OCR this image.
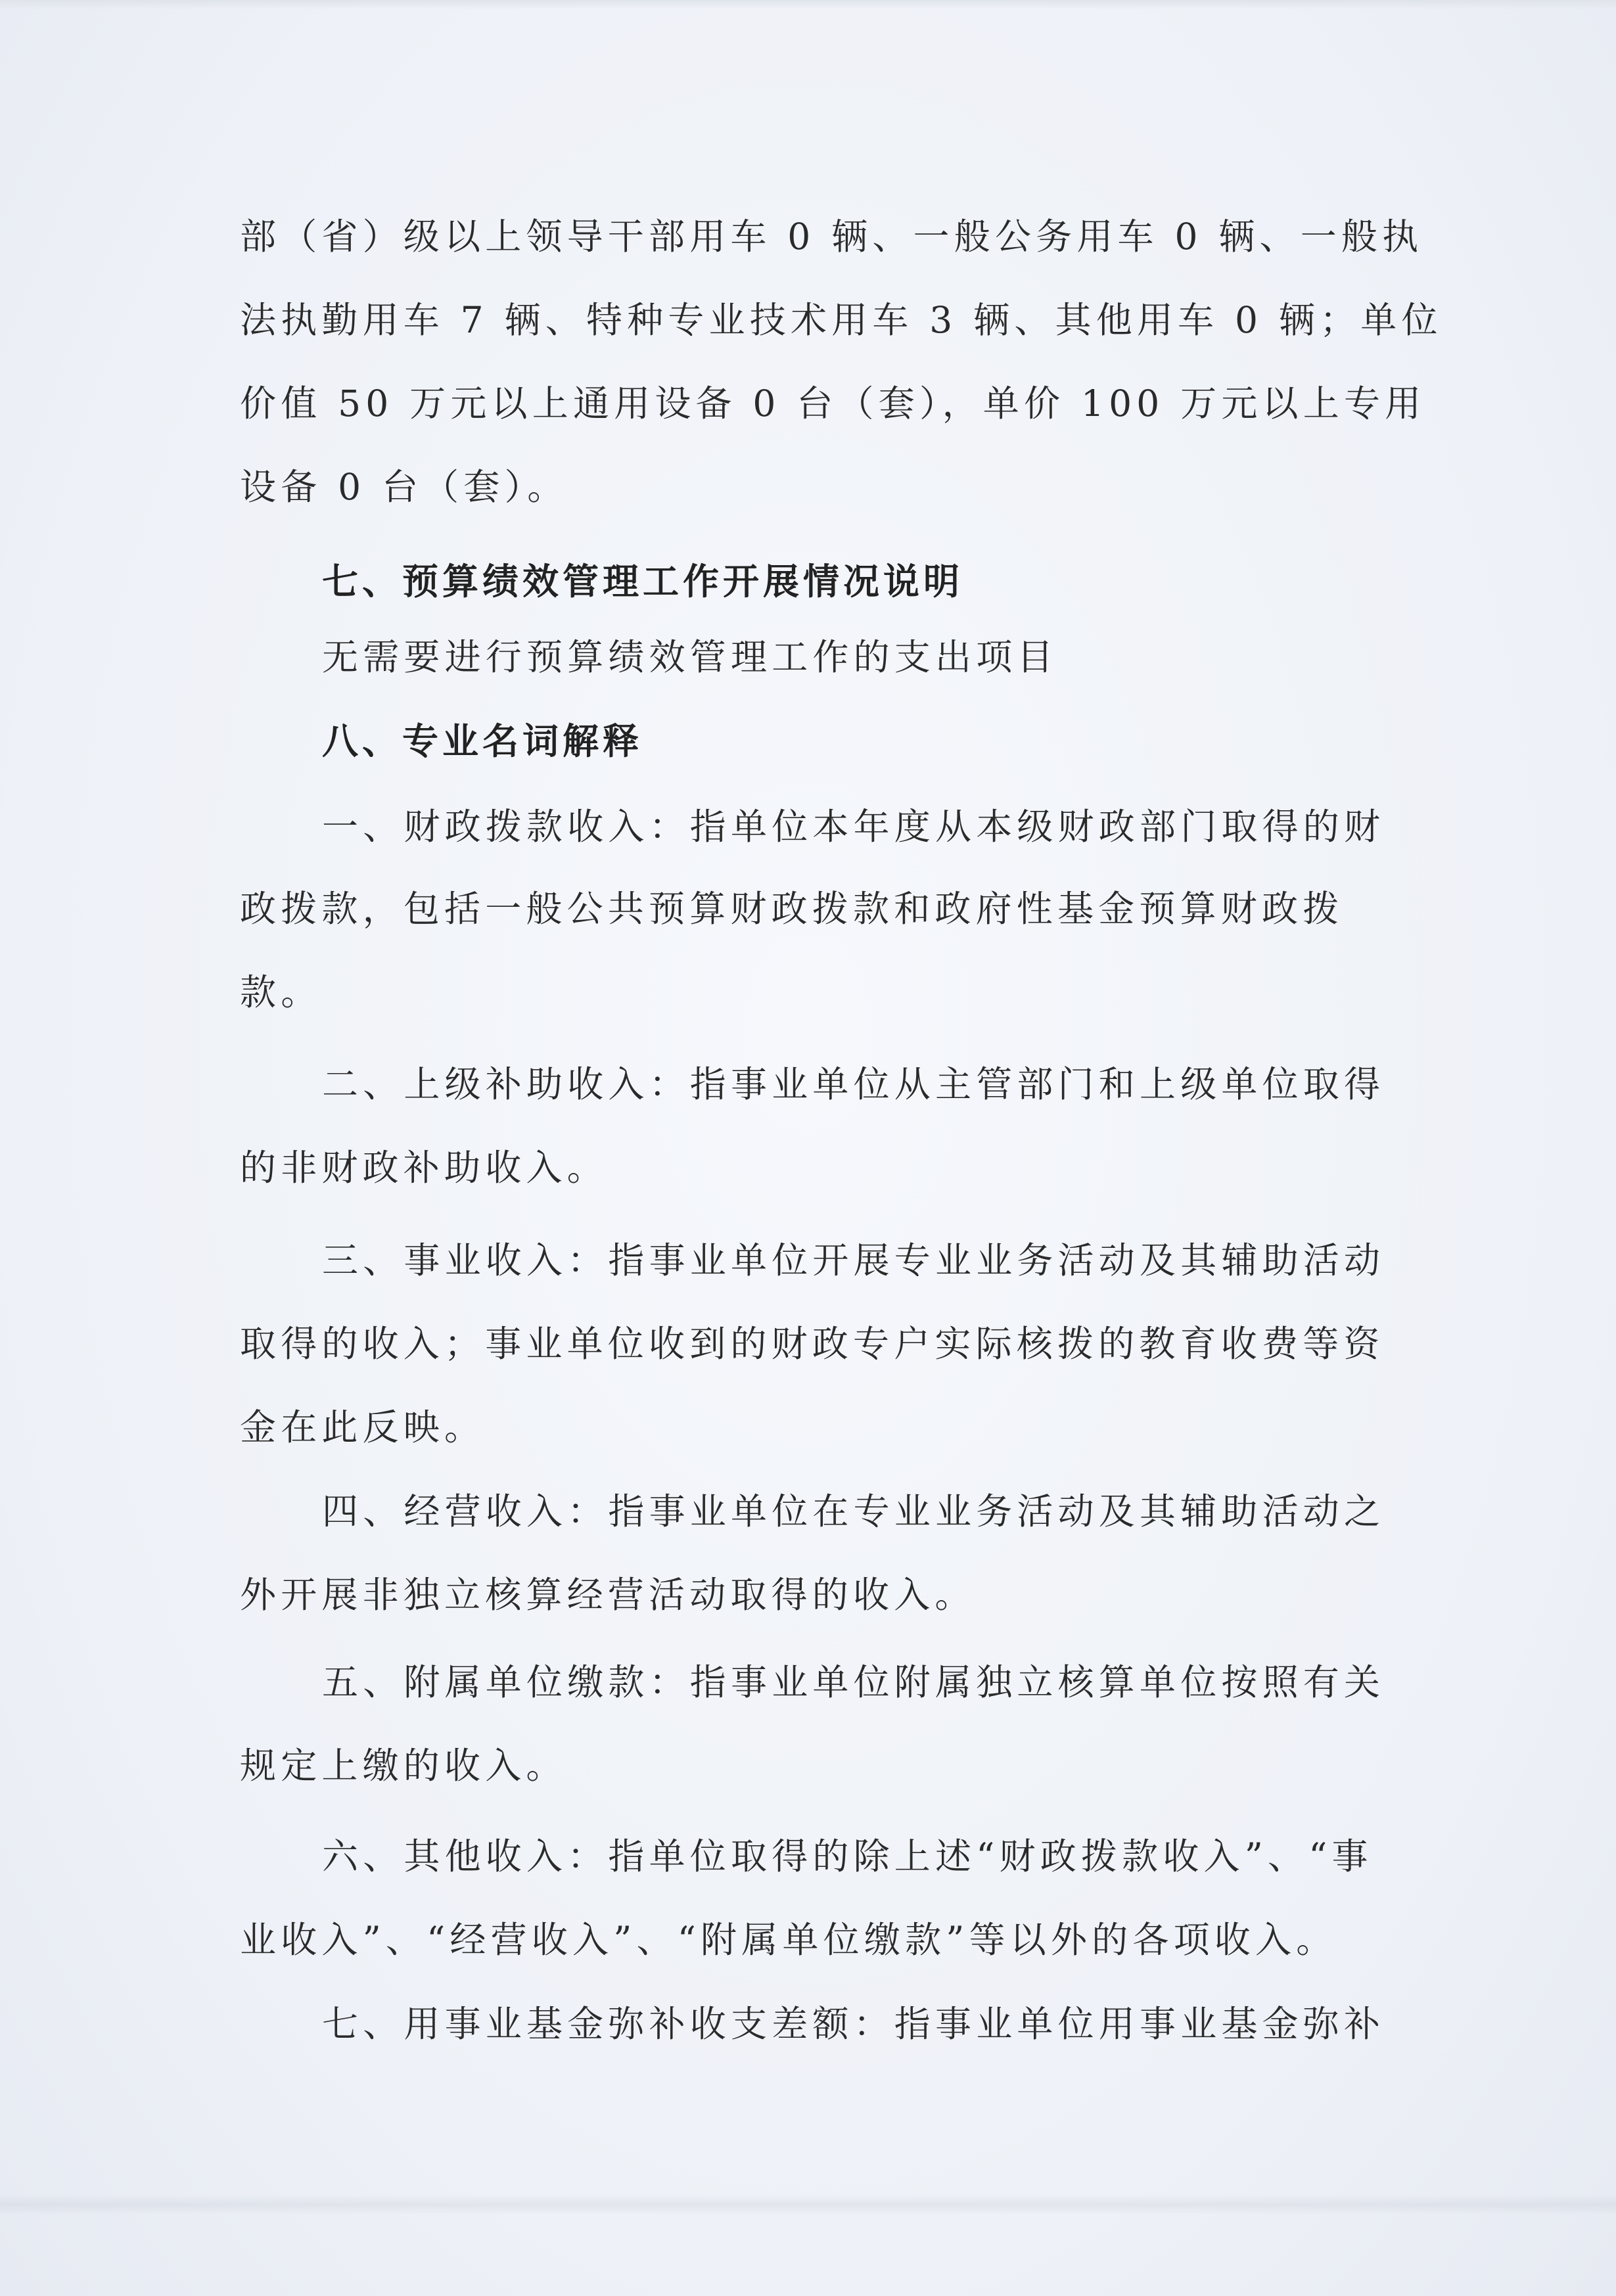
部（省）级以上领导干部用车 0 辆、一般公务用车 0 辆、一般执
法执勤用车 7 辆、特种专业技术用车 3 辆、其他用车 0 辆；单位
价值 50 万元以上通用设备 0 台（套），单价 100 万元以上专用
设备 0 台（套）。
七、预算绩效管理工作开展情况说明
无需要进行预算绩效管理工作的支出项目
八、专业名词解释
一、财政拨款收入：指单位本年度从本级财政部门取得的财
政拨款，包括一般公共预算财政拨款和政府性基金预算财政拨
款。
二、上级补助收入：指事业单位从主管部门和上级单位取得
的非财政补助收入。
三、事业收入：指事业单位开展专业业务活动及其辅助活动
取得的收入；事业单位收到的财政专户实际核拨的教育收费等资
金在此反映。
四、经营收入：指事业单位在专业业务活动及其辅助活动之
外开展非独立核算经营活动取得的收入。
五、附属单位缴款：指事业单位附属独立核算单位按照有关
规定上缴的收入。
六、其他收入：指单位取得的除上述“财政拨款收入”、“事
业收入”、“经营收入”、“附属单位缴款”等以外的各项收入。
七、用事业基金弥补收支差额：指事业单位用事业基金弥补
